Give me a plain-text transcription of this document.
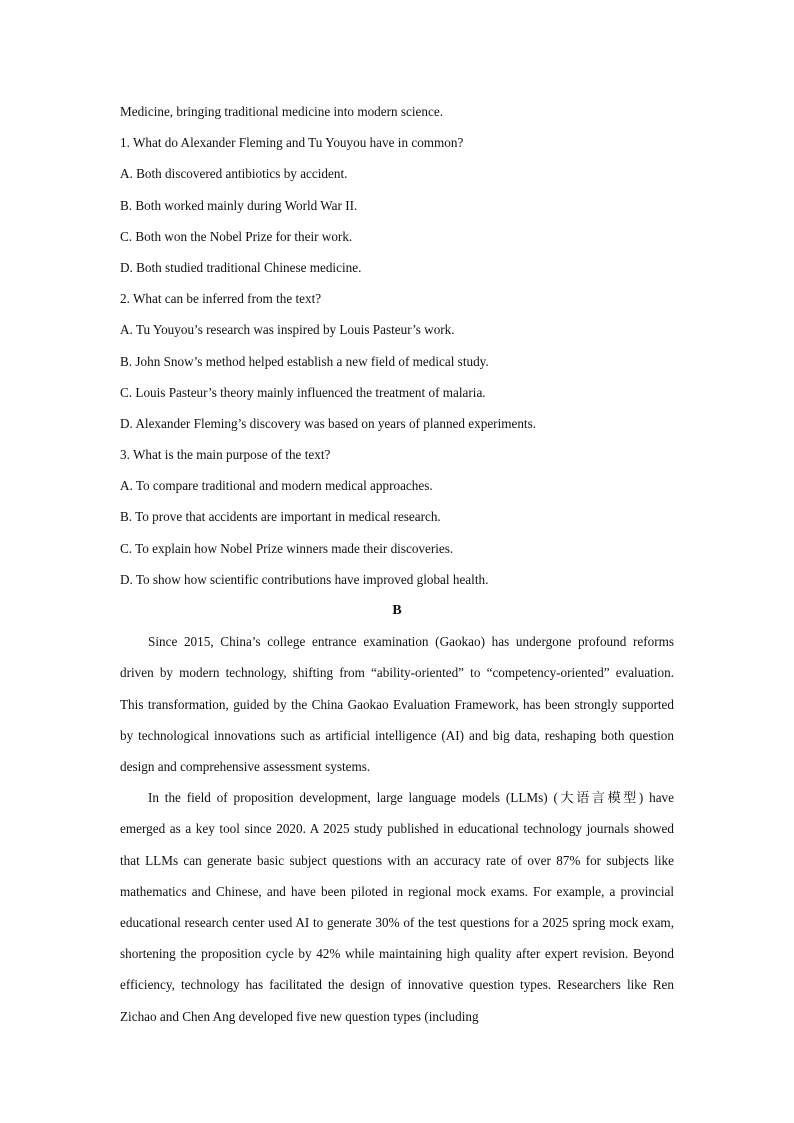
Medicine, bringing traditional medicine into modern science.
1. What do Alexander Fleming and Tu Youyou have in common?
A. Both discovered antibiotics by accident.
B. Both worked mainly during World War II.
C. Both won the Nobel Prize for their work.
D. Both studied traditional Chinese medicine.
2. What can be inferred from the text?
A. Tu Youyou’s research was inspired by Louis Pasteur’s work.
B. John Snow’s method helped establish a new field of medical study.
C. Louis Pasteur’s theory mainly influenced the treatment of malaria.
D. Alexander Fleming’s discovery was based on years of planned experiments.
3. What is the main purpose of the text?
A. To compare traditional and modern medical approaches.
B. To prove that accidents are important in medical research.
C. To explain how Nobel Prize winners made their discoveries.
D. To show how scientific contributions have improved global health.
B

Since 2015, China’s college entrance examination (Gaokao) has undergone profound reforms driven by modern technology, shifting from “ability-oriented” to “competency-oriented” evaluation. This transformation, guided by the China Gaokao Evaluation Framework, has been strongly supported by technological innovations such as artificial intelligence (AI) and big data, reshaping both question design and comprehensive assessment systems.

In the field of proposition development, large language models (LLMs) (大语言模型) have emerged as a key tool since 2020. A 2025 study published in educational technology journals showed that LLMs can generate basic subject questions with an accuracy rate of over 87% for subjects like mathematics and Chinese, and have been piloted in regional mock exams. For example, a provincial educational research center used AI to generate 30% of the test questions for a 2025 spring mock exam, shortening the proposition cycle by 42% while maintaining high quality after expert revision. Beyond efficiency, technology has facilitated the design of innovative question types. Researchers like Ren Zichao and Chen Ang developed five new question types (including
